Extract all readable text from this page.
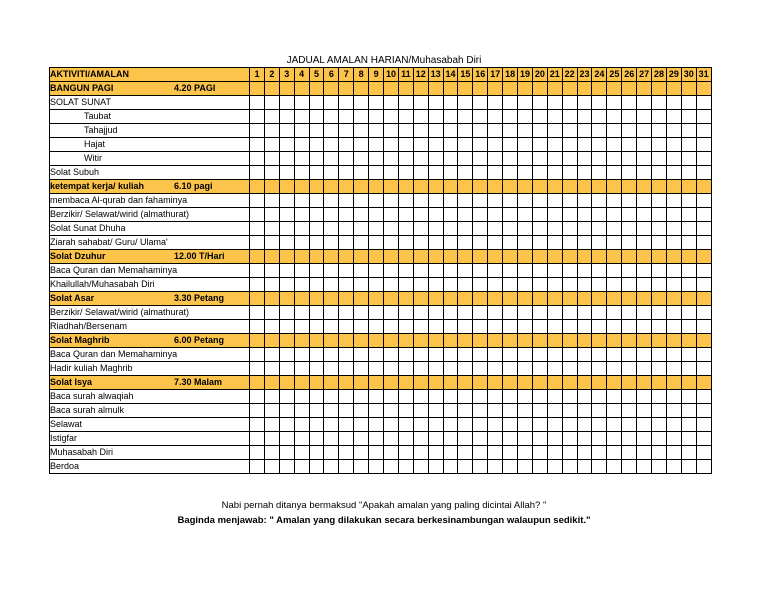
JADUAL AMALAN HARIAN/Muhasabah Diri
AKTIVITI/AMALAN	1	2	3	4	5	6	7	8	9	10	11	12	13	14	15	16	17	18	19	20	21	22	23	24	25	26	27	28	29	30	31

BANGUN PAGI 4.20 PAGI																															

SOLAT SUNAT																															

Taubat																															

Tahajjud																															

Hajat																															

Witir																															

Solat Subuh																															

ketempat kerja/ kuliah 6.10 pagi																															

membaca Al-qurab dan fahaminya																															

Berzikir/ Selawat/wirid (almathurat)																															

Solat Sunat Dhuha																															

Ziarah sahabat/ Guru/ Ulama'																															

Solat Dzuhur 12.00 T/Hari																															

Baca Quran dan Memahaminya																															

Khailullah/Muhasabah Diri																															

Solat Asar 3.30 Petang																															

Berzikir/ Selawat/wirid (almathurat)																															

Riadhah/Bersenam																															

Solat Maghrib 6.00 Petang																															

Baca Quran dan Memahaminya																															

Hadir kuliah Maghrib																															

Solat Isya 7.30 Malam																															

Baca surah alwaqiah																															

Baca surah almulk																															

Selawat																															

Istigfar																															

Muhasabah Diri																															

Berdoa																															

Nabi pernah ditanya bermaksud "Apakah amalan yang paling dicintai Allah? "
Baginda menjawab: " Amalan yang dilakukan secara berkesinambungan walaupun sedikit."
